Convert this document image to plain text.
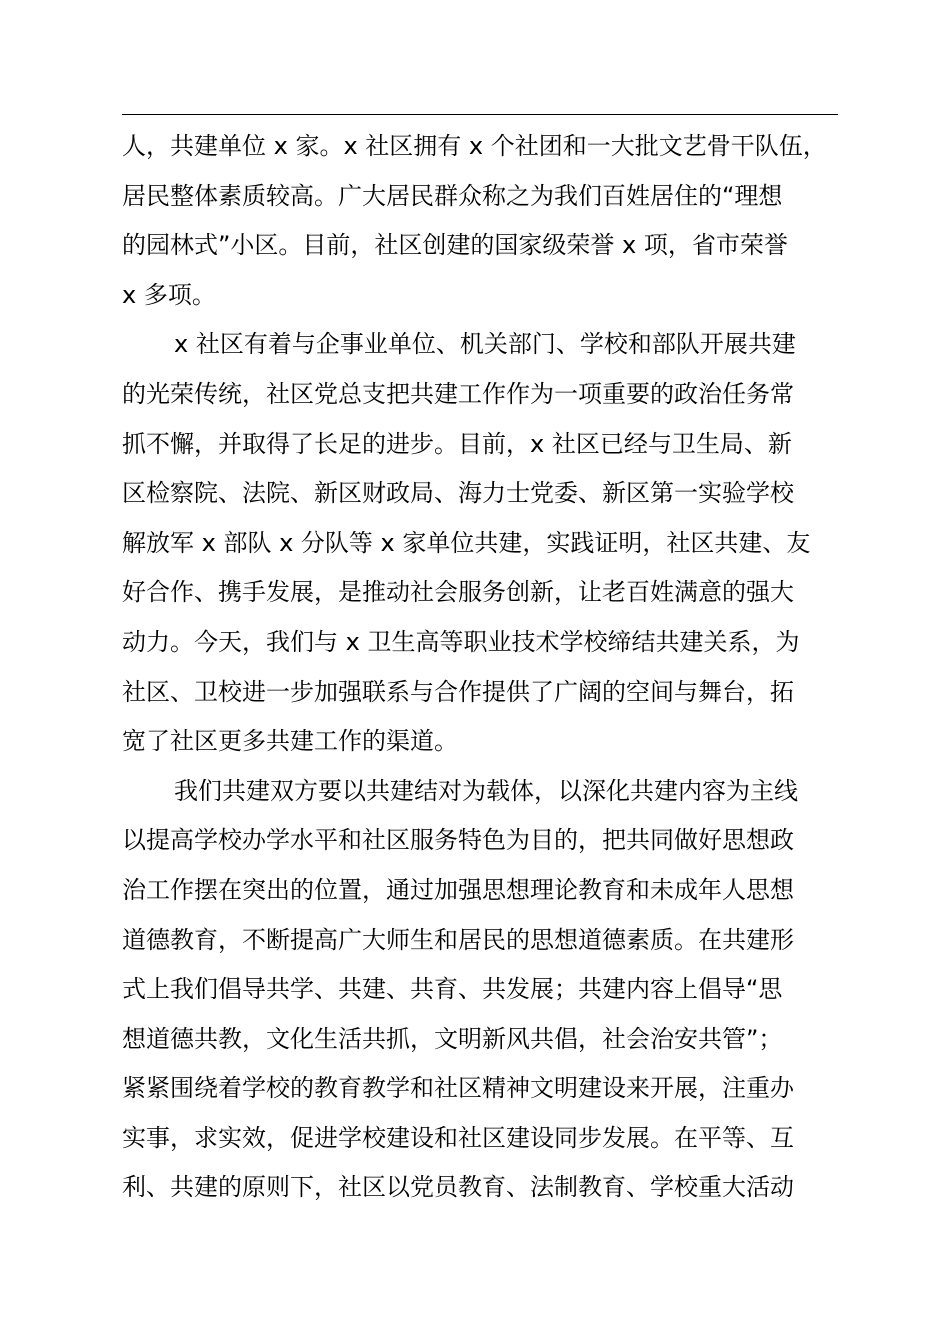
人，共建单位 x 家。x 社区拥有 x 个社团和一大批文艺骨干队伍，
居民整体素质较高。广大居民群众称之为我们百姓居住的“理想
的园林式”小区。目前，社区创建的国家级荣誉 x 项，省市荣誉
x 多项。
x 社区有着与企事业单位、机关部门、学校和部队开展共建
的光荣传统，社区党总支把共建工作作为一项重要的政治任务常
抓不懈，并取得了长足的进步。目前，x 社区已经与卫生局、新
区检察院、法院、新区财政局、海力士党委、新区第一实验学校
解放军 x 部队 x 分队等 x 家单位共建，实践证明，社区共建、友
好合作、携手发展，是推动社会服务创新，让老百姓满意的强大
动力。今天，我们与 x 卫生高等职业技术学校缔结共建关系，为
社区、卫校进一步加强联系与合作提供了广阔的空间与舞台，拓
宽了社区更多共建工作的渠道。
我们共建双方要以共建结对为载体，以深化共建内容为主线
以提高学校办学水平和社区服务特色为目的，把共同做好思想政
治工作摆在突出的位置，通过加强思想理论教育和未成年人思想
道德教育，不断提高广大师生和居民的思想道德素质。在共建形
式上我们倡导共学、共建、共育、共发展；共建内容上倡导“思
想道德共教，文化生活共抓，文明新风共倡，社会治安共管”；
紧紧围绕着学校的教育教学和社区精神文明建设来开展，注重办
实事，求实效，促进学校建设和社区建设同步发展。在平等、互
利、共建的原则下，社区以党员教育、法制教育、学校重大活动
